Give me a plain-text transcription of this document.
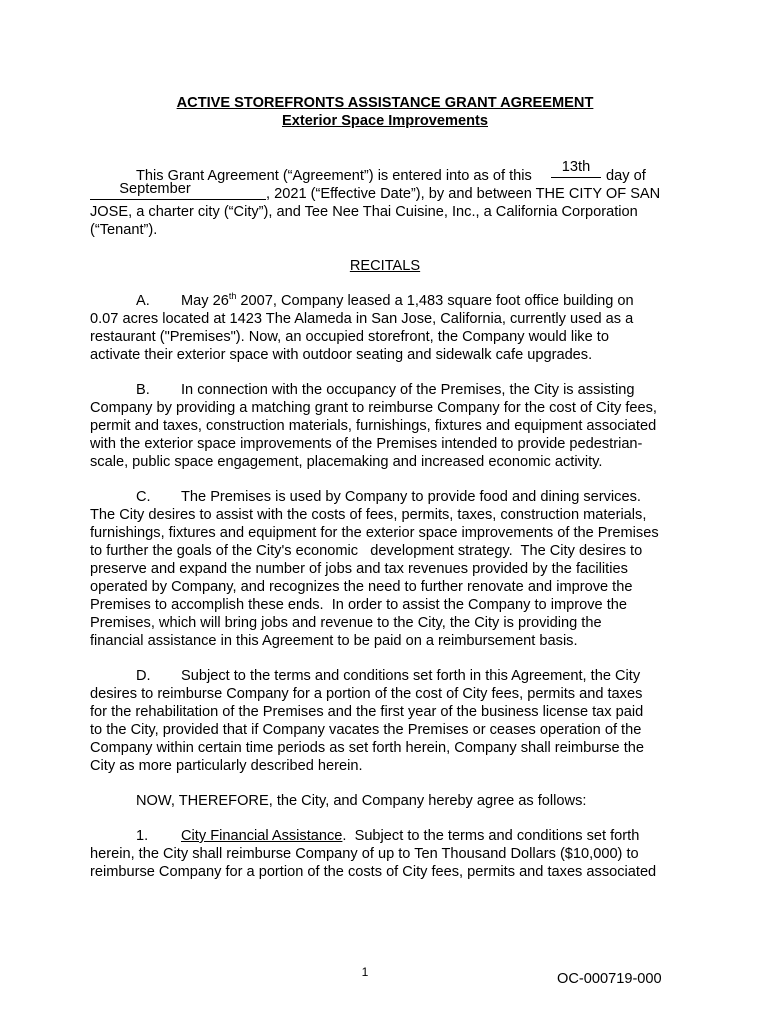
ACTIVE STOREFRONTS ASSISTANCE GRANT AGREEMENT
Exterior Space Improvements
This Grant Agreement (“Agreement”) is entered into as of this
13th
day of
September	, 2021 (“Effective Date”), by and between THE CITY OF SAN
JOSE, a charter city (“City”), and Tee Nee Thai Cuisine, Inc., a California Corporation
(“Tenant”).
RECITALS
A. May 26th 2007, Company leased a 1,483 square foot office building on
0.07 acres located at 1423 The Alameda in San Jose, California, currently used as a
restaurant ("Premises"). Now, an occupied storefront, the Company would like to
activate their exterior space with outdoor seating and sidewalk cafe upgrades.
B. In connection with the occupancy of the Premises, the City is assisting
Company by providing a matching grant to reimburse Company for the cost of City fees,
permit and taxes, construction materials, furnishings, fixtures and equipment associated
with the exterior space improvements of the Premises intended to provide pedestrian-
scale, public space engagement, placemaking and increased economic activity.
C. The Premises is used by Company to provide food and dining services.
The City desires to assist with the costs of fees, permits, taxes, construction materials,
furnishings, fixtures and equipment for the exterior space improvements of the Premises
to further the goals of the City's economic   development strategy.  The City desires to
preserve and expand the number of jobs and tax revenues provided by the facilities
operated by Company, and recognizes the need to further renovate and improve the
Premises to accomplish these ends.  In order to assist the Company to improve the
Premises, which will bring jobs and revenue to the City, the City is providing the
financial assistance in this Agreement to be paid on a reimbursement basis.
D. Subject to the terms and conditions set forth in this Agreement, the City
desires to reimburse Company for a portion of the cost of City fees, permits and taxes
for the rehabilitation of the Premises and the first year of the business license tax paid
to the City, provided that if Company vacates the Premises or ceases operation of the
Company within certain time periods as set forth herein, Company shall reimburse the
City as more particularly described herein.
NOW, THEREFORE, the City, and Company hereby agree as follows:
1. City Financial Assistance.  Subject to the terms and conditions set forth
herein, the City shall reimburse Company of up to Ten Thousand Dollars ($10,000) to
reimburse Company for a portion of the costs of City fees, permits and taxes associated
1	OC-000719-000
